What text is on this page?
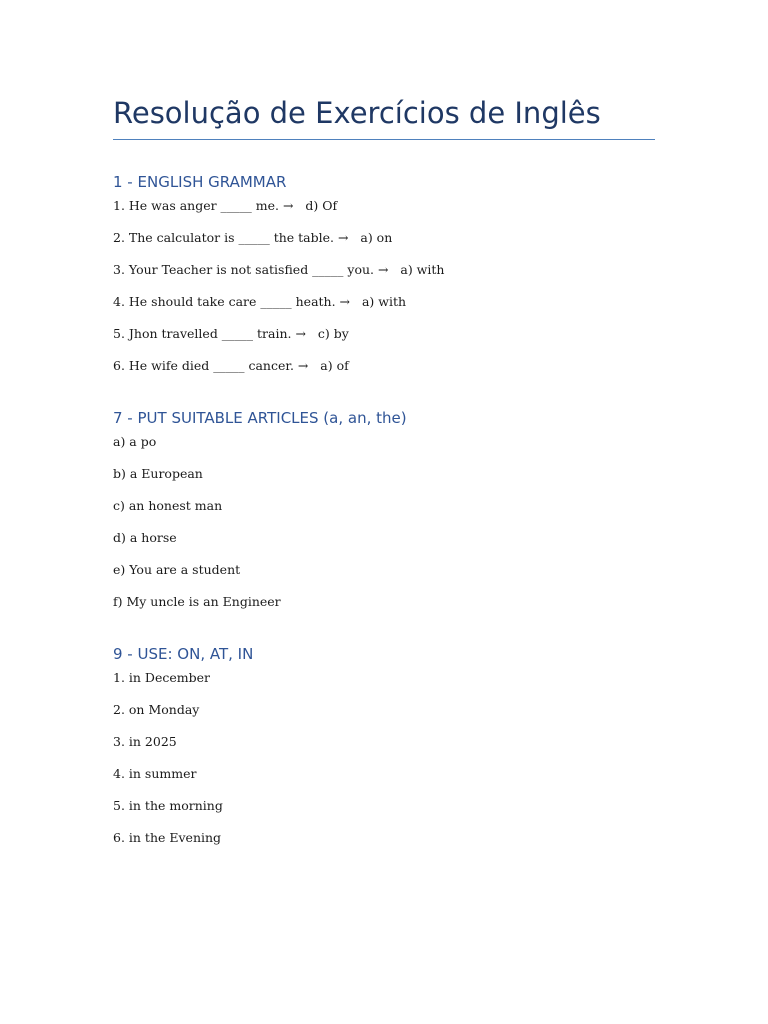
Resolução de Exercícios de Inglês
1 - ENGLISH GRAMMAR
1. He was anger _____ me. →   d) Of
2. The calculator is _____ the table. →   a) on
3. Your Teacher is not satisfied _____ you. →   a) with
4. He should take care _____ heath. →   a) with
5. Jhon travelled _____ train. →   c) by
6. He wife died _____ cancer. →   a) of
7 - PUT SUITABLE ARTICLES (a, an, the)
a) a po
b) a European
c) an honest man
d) a horse
e) You are a student
f) My uncle is an Engineer
9 - USE: ON, AT, IN
1. in December
2. on Monday
3. in 2025
4. in summer
5. in the morning
6. in the Evening
